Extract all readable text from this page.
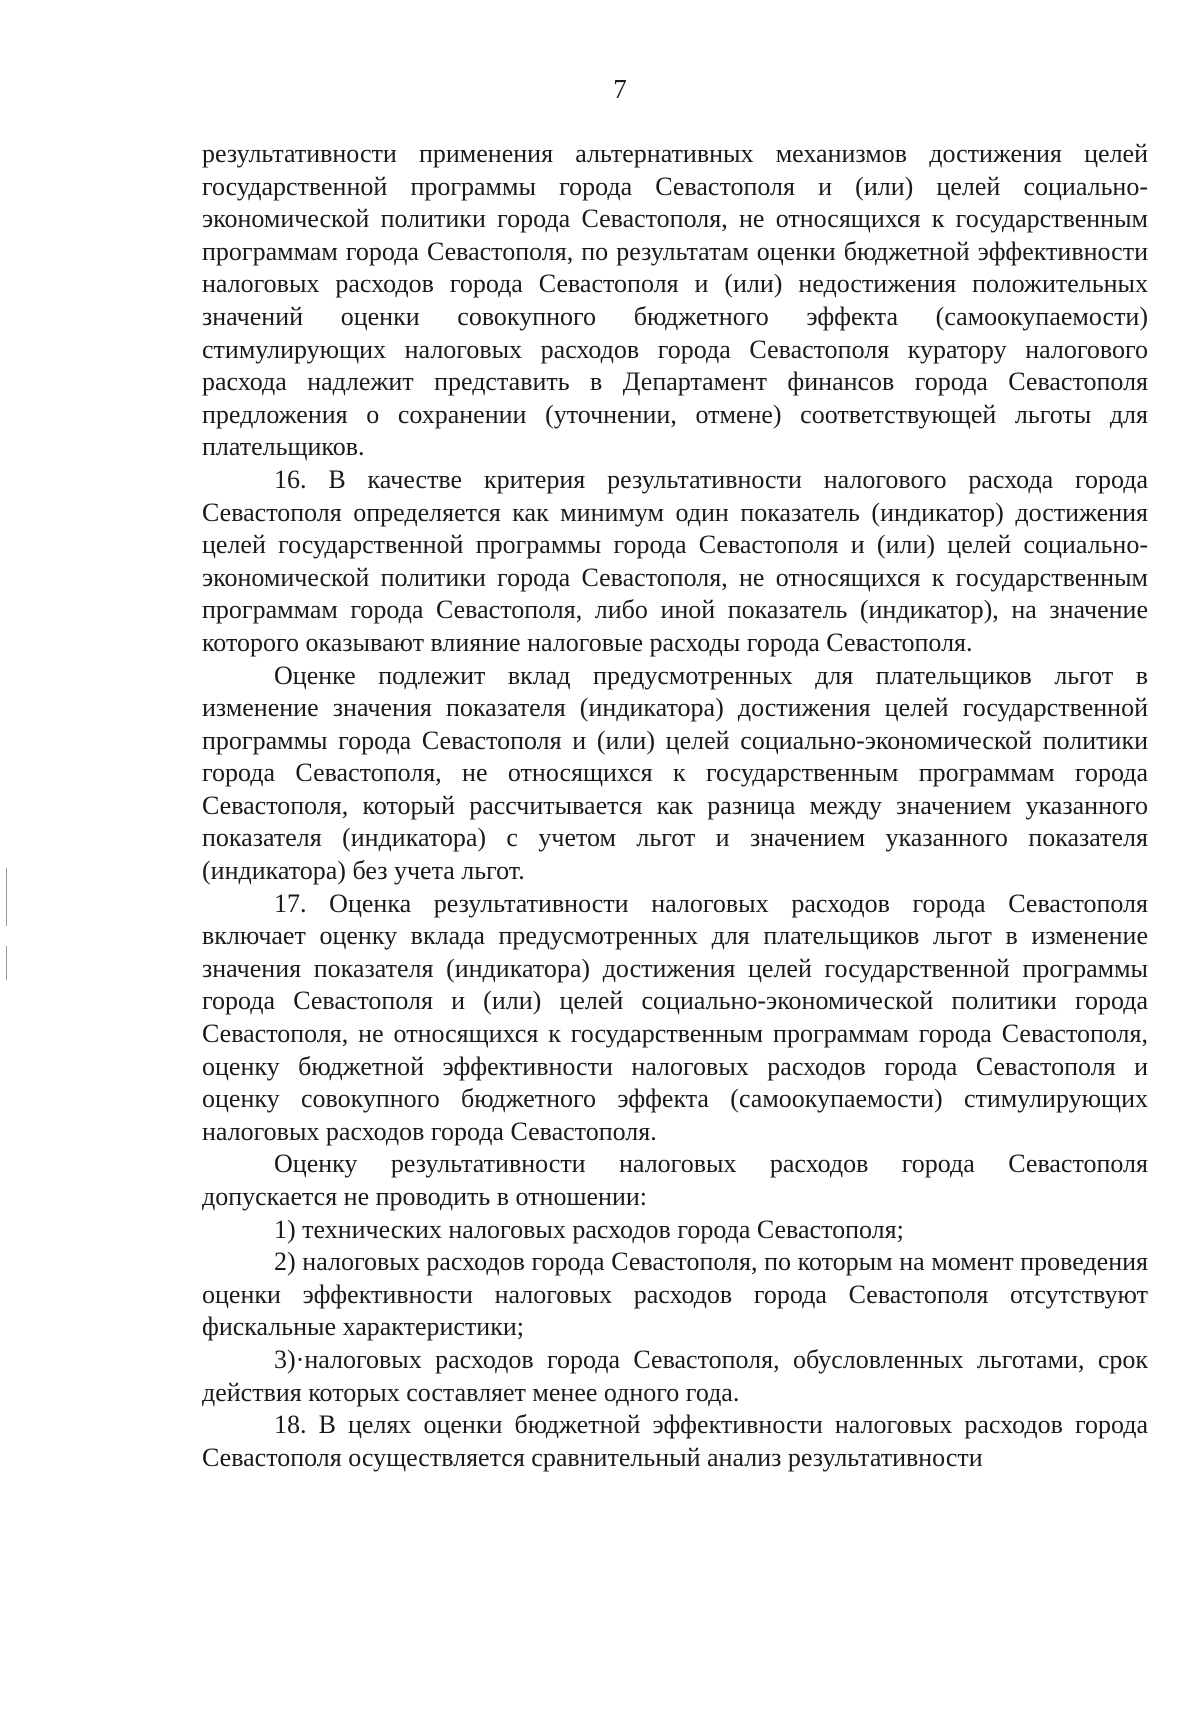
7

результативности применения альтернативных механизмов достижения целей государственной программы города Севастополя и (или) целей социально-экономической политики города Севастополя, не относящихся к государственным программам города Севастополя, по результатам оценки бюджетной эффективности налоговых расходов города Севастополя и (или) недостижения положительных значений оценки совокупного бюджетного эффекта (самоокупаемости) стимулирующих налоговых расходов города Севастополя куратору налогового расхода надлежит представить в Департамент финансов города Севастополя предложения о сохранении (уточнении, отмене) соответствующей льготы для плательщиков.

16. В качестве критерия результативности налогового расхода города Севастополя определяется как минимум один показатель (индикатор) достижения целей государственной программы города Севастополя и (или) целей социально-экономической политики города Севастополя, не относящихся к государственным программам города Севастополя, либо иной показатель (индикатор), на значение которого оказывают влияние налоговые расходы города Севастополя.

Оценке подлежит вклад предусмотренных для плательщиков льгот в изменение значения показателя (индикатора) достижения целей государственной программы города Севастополя и (или) целей социально-экономической политики города Севастополя, не относящихся к государственным программам города Севастополя, который рассчитывается как разница между значением указанного показателя (индикатора) с учетом льгот и значением указанного показателя (индикатора) без учета льгот.

17. Оценка результативности налоговых расходов города Севастополя включает оценку вклада предусмотренных для плательщиков льгот в изменение значения показателя (индикатора) достижения целей государственной программы города Севастополя и (или) целей социально-экономической политики города Севастополя, не относящихся к государственным программам города Севастополя, оценку бюджетной эффективности налоговых расходов города Севастополя и оценку совокупного бюджетного эффекта (самоокупаемости) стимулирующих налоговых расходов города Севастополя.

Оценку результативности налоговых расходов города Севастополя допускается не проводить в отношении:

1) технических налоговых расходов города Севастополя;

2) налоговых расходов города Севастополя, по которым на момент проведения оценки эффективности налоговых расходов города Севастополя отсутствуют фискальные характеристики;

3)·налоговых расходов города Севастополя, обусловленных льготами, срок действия которых составляет менее одного года.

18. В целях оценки бюджетной эффективности налоговых расходов города Севастополя осуществляется сравнительный анализ результативности
